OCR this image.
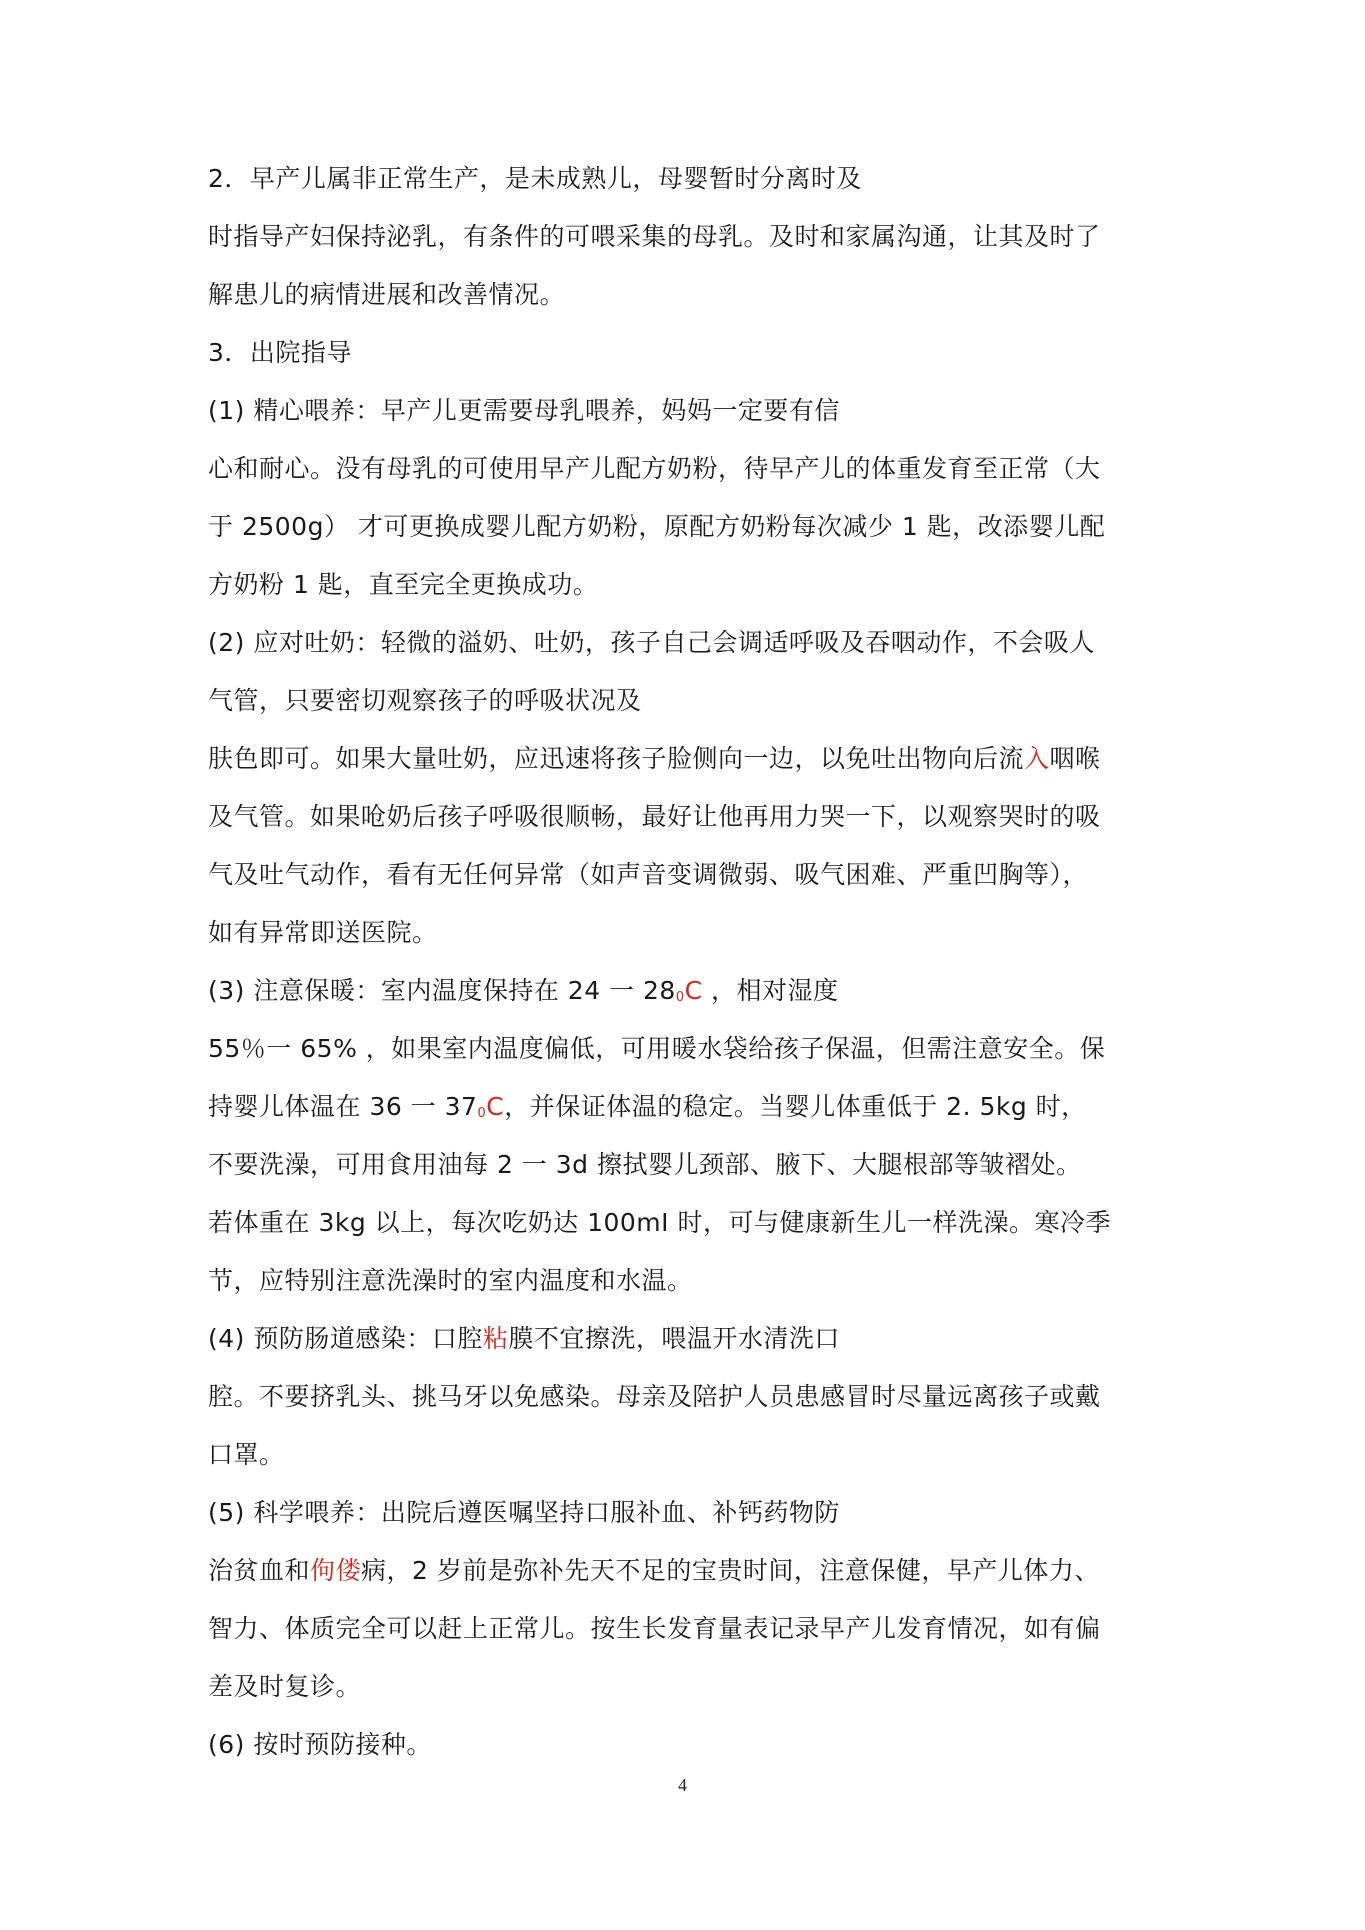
2．早产儿属非正常生产，是未成熟儿，母婴暂时分离时及
时指导产妇保持泌乳，有条件的可喂采集的母乳。及时和家属沟通，让其及时了
解患儿的病情进展和改善情况。
3．出院指导
(1) 精心喂养：早产儿更需要母乳喂养，妈妈一定要有信
心和耐心。没有母乳的可使用早产儿配方奶粉，待早产儿的体重发育至正常（大
于 2500g） 才可更换成婴儿配方奶粉，原配方奶粉每次减少 1 匙，改添婴儿配
方奶粉 1 匙，直至完全更换成功。
(2) 应对吐奶：轻微的溢奶、吐奶，孩子自己会调适呼吸及吞咽动作，不会吸人
气管，只要密切观察孩子的呼吸状况及
肤色即可。如果大量吐奶，应迅速将孩子脸侧向一边，以免吐出物向后流入咽喉
及气管。如果呛奶后孩子呼吸很顺畅，最好让他再用力哭一下，以观察哭时的吸
气及吐气动作，看有无任何异常（如声音变调微弱、吸气困难、严重凹胸等），
如有异常即送医院。
(3) 注意保暖：室内温度保持在 24 一 280C ，相对湿度
55％一 65% ，如果室内温度偏低，可用暖水袋给孩子保温，但需注意安全。保
持婴儿体温在 36 一 370C，并保证体温的稳定。当婴儿体重低于 2. 5kg 时，
不要洗澡，可用食用油每 2 一 3d 擦拭婴儿颈部、腋下、大腿根部等皱褶处。
若体重在 3kg 以上，每次吃奶达 100mI 时，可与健康新生儿一样洗澡。寒冷季
节，应特别注意洗澡时的室内温度和水温。
(4) 预防肠道感染：口腔粘膜不宜擦洗，喂温开水清洗口
腔。不要挤乳头、挑马牙以免感染。母亲及陪护人员患感冒时尽量远离孩子或戴
口罩。
(5) 科学喂养：出院后遵医嘱坚持口服补血、补钙药物防
治贫血和佝偻病，2 岁前是弥补先天不足的宝贵时间，注意保健，早产儿体力、
智力、体质完全可以赶上正常儿。按生长发育量表记录早产儿发育情况，如有偏
差及时复诊。
(6) 按时预防接种。
4
